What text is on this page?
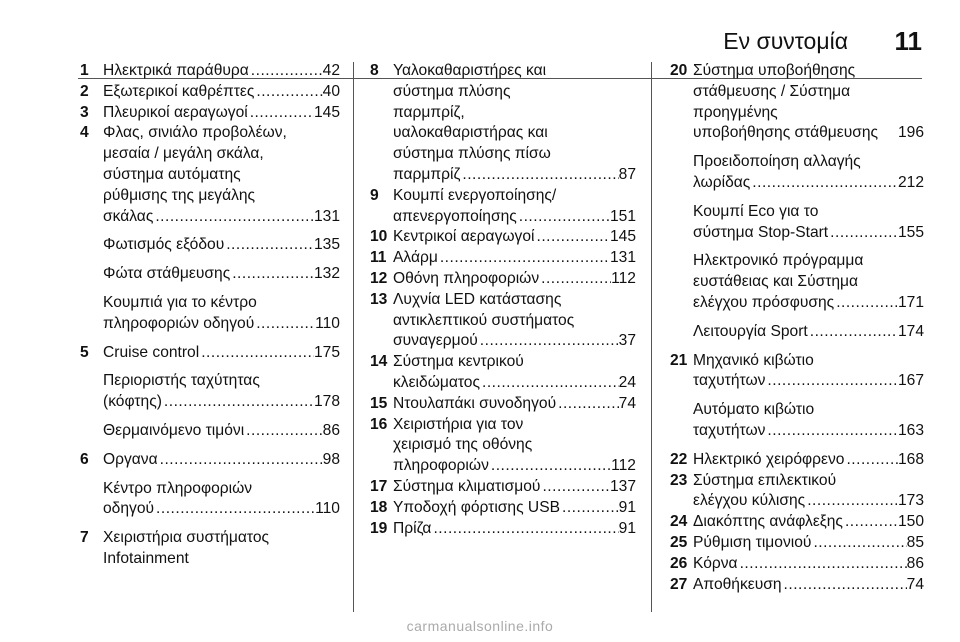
Εν συντομία 11
1 Ηλεκτρικά παράθυρα .....	42
2 Εξωτερικοί καθρέπτες .....	40
3 Πλευρικοί αεραγωγοί .....	145
4 Φλας, σινιάλο προβολέων,
μεσαία / μεγάλη σκάλα,
σύστημα αυτόματης
ρύθμισης της μεγάλης
σκάλας .....	131
Φωτισμός εξόδου .....	135
Φώτα στάθμευσης .....	132
Κουμπιά για το κέντρο
πληροφοριών οδηγού .....	110
5 Cruise control .....	175
Περιοριστής ταχύτητας
(κόφτης) .....	178
Θερμαινόμενο τιμόνι .....	86
6 Οργανα .....	98
Κέντρο πληροφοριών
οδηγού .....	110
7 Χειριστήρια συστήματος
Infotainment
8 Υαλοκαθαριστήρες και
σύστημα πλύσης
παρμπρίζ,
υαλοκαθαριστήρας και
σύστημα πλύσης πίσω
παρμπρίζ .....	87
9 Κουμπί ενεργοποίησης/
απενεργοποίησης .....	151
10 Κεντρικοί αεραγωγοί .....	145
11 Αλάρμ .....	131
12 Οθόνη πληροφοριών .....	112
13 Λυχνία LED κατάστασης
αντικλεπτικού συστήματος
συναγερμού .....	37
14 Σύστημα κεντρικού
κλειδώματος .....	24
15 Ντουλαπάκι συνοδηγού .....	74
16 Χειριστήρια για τον
χειρισμό της οθόνης
πληροφοριών .....	112
17 Σύστημα κλιματισμού .....	137
18 Υποδοχή φόρτισης USB .....	91
19 Πρίζα .....	91
20 Σύστημα υποβοήθησης
στάθμευσης / Σύστημα
προηγμένης
υποβοήθησης στάθμευσης 196
Προειδοποίηση αλλαγής
λωρίδας .....	212
Κουμπί Eco για το
σύστημα Stop-Start .....	155
Ηλεκτρονικό πρόγραμμα
ευστάθειας και Σύστημα
ελέγχου πρόσφυσης .....	171
Λειτουργία Sport .....	174
21 Μηχανικό κιβώτιο
ταχυτήτων .....	167
Αυτόματο κιβώτιο
ταχυτήτων .....	163
22 Ηλεκτρικό χειρόφρενο .....	168
23 Σύστημα επιλεκτικού
ελέγχου κύλισης .....	173
24 Διακόπτης ανάφλεξης .....	150
25 Ρύθμιση τιμονιού .....	85
26 Κόρνα .....	86
27 Αποθήκευση .....	74
carmanualsonline.info
